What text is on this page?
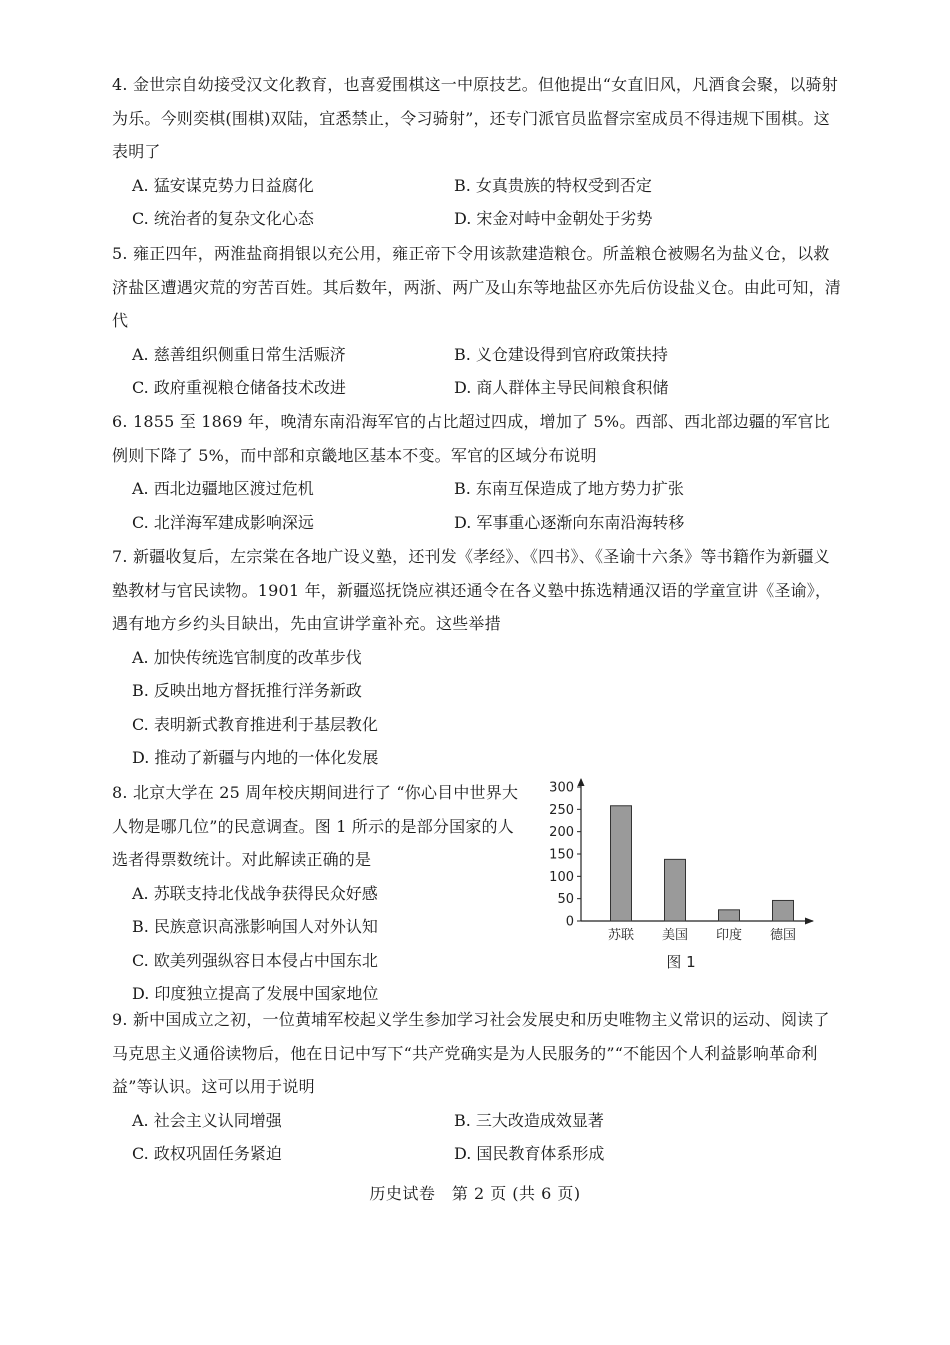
4. 金世宗自幼接受汉文化教育，也喜爱围棋这一中原技艺。但他提出“女直旧风，凡酒食会聚，以骑射为乐。今则奕棋(围棋)双陆，宜悉禁止，令习骑射”，还专门派官员监督宗室成员不得违规下围棋。这表明了

A. 猛安谋克势力日益腐化	B. 女真贵族的特权受到否定
C. 统治者的复杂文化心态	D. 宋金对峙中金朝处于劣势

5. 雍正四年，两淮盐商捐银以充公用，雍正帝下令用该款建造粮仓。所盖粮仓被赐名为盐义仓，以救济盐区遭遇灾荒的穷苦百姓。其后数年，两浙、两广及山东等地盐区亦先后仿设盐义仓。由此可知，清代

A. 慈善组织侧重日常生活赈济	B. 义仓建设得到官府政策扶持
C. 政府重视粮仓储备技术改进	D. 商人群体主导民间粮食积储

6. 1855 至 1869 年，晚清东南沿海军官的占比超过四成，增加了 5%。西部、西北部边疆的军官比例则下降了 5%，而中部和京畿地区基本不变。军官的区域分布说明

A. 西北边疆地区渡过危机	B. 东南互保造成了地方势力扩张
C. 北洋海军建成影响深远	D. 军事重心逐渐向东南沿海转移

7. 新疆收复后，左宗棠在各地广设义塾，还刊发《孝经》、《四书》、《圣谕十六条》等书籍作为新疆义塾教材与官民读物。1901 年，新疆巡抚饶应祺还通令在各义塾中拣选精通汉语的学童宣讲《圣谕》，遇有地方乡约头目缺出，先由宣讲学童补充。这些举措

A. 加快传统选官制度的改革步伐
B. 反映出地方督抚推行洋务新政
C. 表明新式教育推进利于基层教化
D. 推动了新疆与内地的一体化发展

8. 北京大学在 25 周年校庆期间进行了 “你心目中世界大人物是哪几位”的民意调查。图 1 所示的是部分国家的人选者得票数统计。对此解读正确的是

A. 苏联支持北伐战争获得民众好感
B. 民族意识高涨影响国人对外认知
C. 欧美列强纵容日本侵占中国东北
D. 印度独立提高了发展中国家地位
0
50
100
150
200
250
300
苏联 美国 印度 德国
图 1

9. 新中国成立之初，一位黄埔军校起义学生参加学习社会发展史和历史唯物主义常识的运动、阅读了马克思主义通俗读物后，他在日记中写下“共产党确实是为人民服务的”“不能因个人利益影响革命利益”等认识。这可以用于说明

A. 社会主义认同增强	B. 三大改造成效显著
C. 政权巩固任务紧迫	D. 国民教育体系形成
历史试卷　第 2 页 (共 6 页)
